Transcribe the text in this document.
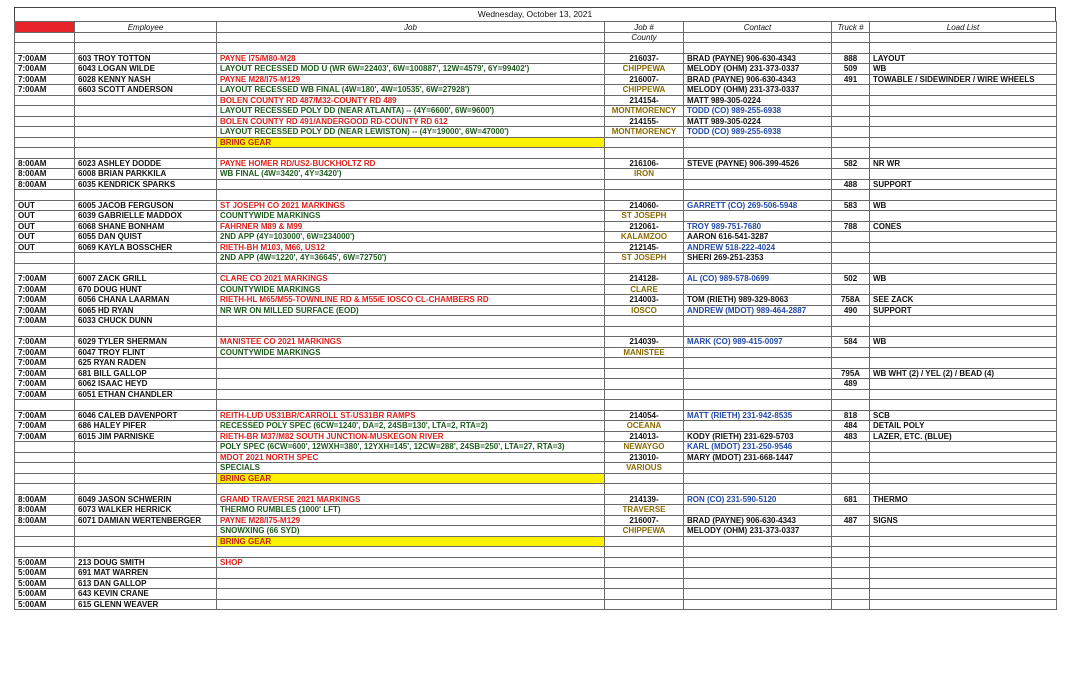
Wednesday, October 13, 2021
Time	Employee	Job	Job #	Contact	Truck #	Load List
			County			

7:00AM	603 TROY TOTTON	PAYNE I75/M80-M28	216037-	BRAD (PAYNE) 906-630-4343	888	LAYOUT
7:00AM	6043 LOGAN WILDE	LAYOUT RECESSED MOD U (WR 6W=22403', 6W=100887', 12W=4579', 6Y=99402')	CHIPPEWA	MELODY (OHM) 231-373-0337	509	WB
7:00AM	6028 KENNY NASH	PAYNE M28/I75-M129	216007-	BRAD (PAYNE) 906-630-4343	491	TOWABLE / SIDEWINDER / WIRE WHEELS
7:00AM	6603 SCOTT ANDERSON	LAYOUT RECESSED WB FINAL (4W=180', 4W=10535', 6W=27928')	CHIPPEWA	MELODY (OHM) 231-373-0337		
		BOLEN COUNTY RD 487/M32-COUNTY RD 489	214154-	MATT 989-305-0224		
		LAYOUT RECESSED POLY DD (NEAR ATLANTA) -- (4Y=6600', 6W=9600')	MONTMORENCY	TODD (CO) 989-255-6938		
		BOLEN COUNTY RD 491/ANDERGOOD RD-COUNTY RD 612	214155-	MATT 989-305-0224		
		LAYOUT RECESSED POLY DD (NEAR LEWISTON) -- (4Y=19000', 6W=47000')	MONTMORENCY	TODD (CO) 989-255-6938		
		BRING GEAR				

8:00AM	6023 ASHLEY DODDE	PAYNE HOMER RD/US2-BUCKHOLTZ RD	216106-	STEVE (PAYNE) 906-399-4526	582	NR WR
8:00AM	6008 BRIAN PARKKILA	WB FINAL (4W=3420', 4Y=3420')	IRON			
8:00AM	6035 KENDRICK SPARKS				488	SUPPORT

OUT	6005 JACOB FERGUSON	ST JOSEPH CO 2021 MARKINGS	214060-	GARRETT (CO) 269-506-5948	583	WB
OUT	6039 GABRIELLE MADDOX	COUNTYWIDE MARKINGS	ST JOSEPH			
OUT	6068 SHANE BONHAM	FAHRNER M89 & M99	212061-	TROY 989-751-7680	788	CONES
OUT	6055 DAN QUIST	2ND APP (4Y=103000', 6W=234000')	KALAMZOO	AARON 616-541-3287		
OUT	6069 KAYLA BOSSCHER	RIETH-BH M103, M66, US12	212145-	ANDREW 518-222-4024		
		2ND APP (4W=1220', 4Y=36645', 6W=72750')	ST JOSEPH	SHERI 269-251-2353		

7:00AM	6007 ZACK GRILL	CLARE CO 2021 MARKINGS	214128-	AL (CO) 989-578-0699	502	WB
7:00AM	670 DOUG HUNT	COUNTYWIDE MARKINGS	CLARE			
7:00AM	6056 CHANA LAARMAN	RIETH-HL M65/M55-TOWNLINE RD & M55/E IOSCO CL-CHAMBERS RD	214003-	TOM (RIETH) 989-329-8063	758A	SEE ZACK
7:00AM	6065 HD RYAN	NR WR ON MILLED SURFACE (EOD)	IOSCO	ANDREW (MDOT) 989-464-2887	490	SUPPORT
7:00AM	6033 CHUCK DUNN					

7:00AM	6029 TYLER SHERMAN	MANISTEE CO 2021 MARKINGS	214039-	MARK (CO) 989-415-0097	584	WB
7:00AM	6047 TROY FLINT	COUNTYWIDE MARKINGS	MANISTEE			
7:00AM	625 RYAN RADEN					
7:00AM	681 BILL GALLOP				795A	WB WHT (2) / YEL (2) / BEAD (4)
7:00AM	6062 ISAAC HEYD				489	
7:00AM	6051 ETHAN CHANDLER					

7:00AM	6046 CALEB DAVENPORT	REITH-LUD US31BR/CARROLL ST-US31BR RAMPS	214054-	MATT (RIETH) 231-942-8535	818	SCB
7:00AM	686 HALEY PIFER	RECESSED POLY SPEC (6CW=1240', DA=2, 24SB=130', LTA=2, RTA=2)	OCEANA		484	DETAIL POLY
7:00AM	6015 JIM PARNISKE	RIETH-BR M37/M82 SOUTH JUNCTION-MUSKEGON RIVER	214013-	KODY (RIETH) 231-629-5703	483	LAZER, ETC. (BLUE)
		POLY SPEC (6CW=600', 12WXH=380', 12YXH=145', 12CW=288', 24SB=250', LTA=27, RTA=3)	NEWAYGO	KARL (MDOT) 231-250-9546		
		MDOT 2021 NORTH SPEC	213010-	MARY (MDOT) 231-668-1447		
		SPECIALS	VARIOUS			
		BRING GEAR				

8:00AM	6049 JASON SCHWERIN	GRAND TRAVERSE 2021 MARKINGS	214139-	RON (CO) 231-590-5120	681	THERMO
8:00AM	6073 WALKER HERRICK	THERMO RUMBLES (1000' LFT)	TRAVERSE			
8:00AM	6071 DAMIAN WERTENBERGER	PAYNE M28/I75-M129	216007-	BRAD (PAYNE) 906-630-4343	487	SIGNS
		SNOWXING (66 SYD)	CHIPPEWA	MELODY (OHM) 231-373-0337		
		BRING GEAR				

5:00AM	213 DOUG SMITH	SHOP				
5:00AM	691 MAT WARREN					
5:00AM	613 DAN GALLOP					
5:00AM	643 KEVIN CRANE					
5:00AM	615 GLENN WEAVER					
